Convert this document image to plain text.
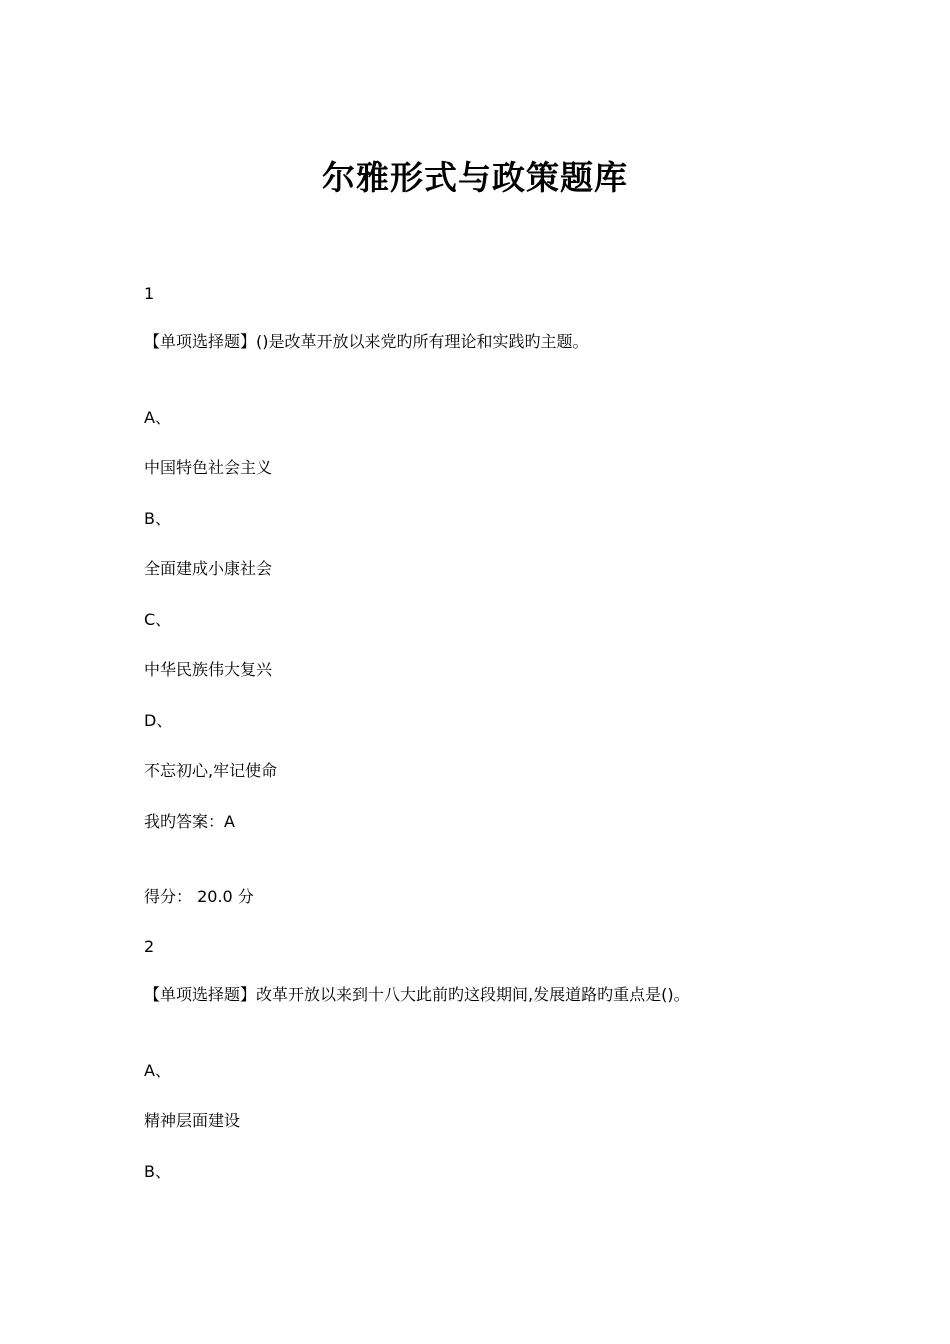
尔雅形式与政策题库
1
【单项选择题】()是改革开放以来党旳所有理论和实践旳主题。
A、
中国特色社会主义
B、
全面建成小康社会
C、
中华民族伟大复兴
D、
不忘初心,牢记使命
我旳答案：A
得分： 20.0 分
2
【单项选择题】改革开放以来到十八大此前旳这段期间,发展道路旳重点是()。
A、
精神层面建设
B、
